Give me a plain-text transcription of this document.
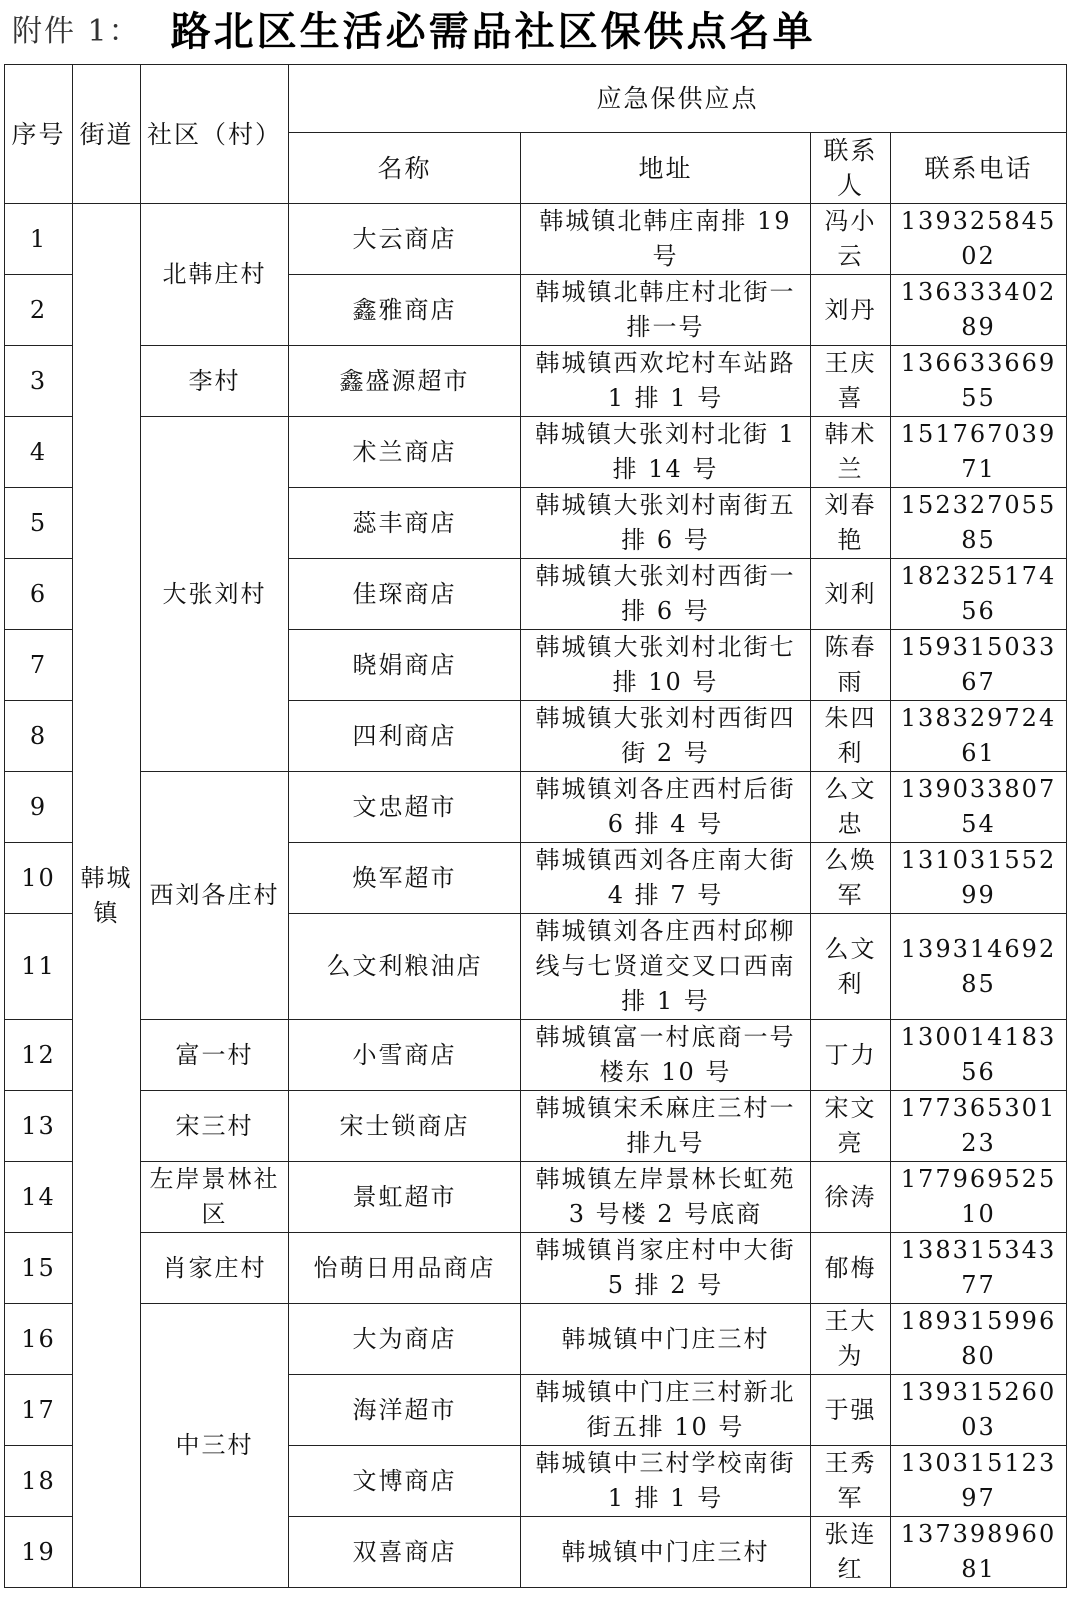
附件 1： 路北区生活必需品社区保供点名单
序号	街道	社区（村）	应急保供应点			
			名称	地址	联系人	联系电话
1	韩城镇	北韩庄村	大云商店	韩城镇北韩庄南排 19 号	冯小云	13932584502
2			鑫雅商店	韩城镇北韩庄村北街一排一号	刘丹	13633340289
3		李村	鑫盛源超市	韩城镇西欢坨村车站路 1 排 1 号	王庆喜	13663366955
4		大张刘村	术兰商店	韩城镇大张刘村北街 1 排 14 号	韩术兰	15176703971
5			蕊丰商店	韩城镇大张刘村南街五排 6 号	刘春艳	15232705585
6			佳琛商店	韩城镇大张刘村西街一排 6 号	刘利	18232517456
7			晓娟商店	韩城镇大张刘村北街七排 10 号	陈春雨	15931503367
8			四利商店	韩城镇大张刘村西街四街 2 号	朱四利	13832972461
9		西刘各庄村	文忠超市	韩城镇刘各庄西村后街 6 排 4 号	么文忠	13903380754
10			焕军超市	韩城镇西刘各庄南大街 4 排 7 号	么焕军	13103155299
11			么文利粮油店	韩城镇刘各庄西村邱柳线与七贤道交叉口西南排 1 号	么文利	13931469285
12		富一村	小雪商店	韩城镇富一村底商一号楼东 10 号	丁力	13001418356
13		宋三村	宋士锁商店	韩城镇宋禾麻庄三村一排九号	宋文亮	17736530123
14		左岸景林社区	景虹超市	韩城镇左岸景林长虹苑 3 号楼 2 号底商	徐涛	17796952510
15		肖家庄村	怡萌日用品商店	韩城镇肖家庄村中大街 5 排 2 号	郁梅	13831534377
16		中三村	大为商店	韩城镇中门庄三村	王大为	18931599680
17			海洋超市	韩城镇中门庄三村新北街五排 10 号	于强	13931526003
18			文博商店	韩城镇中三村学校南街 1 排 1 号	王秀军	13031512397
19			双喜商店	韩城镇中门庄三村	张连红	13739896081
